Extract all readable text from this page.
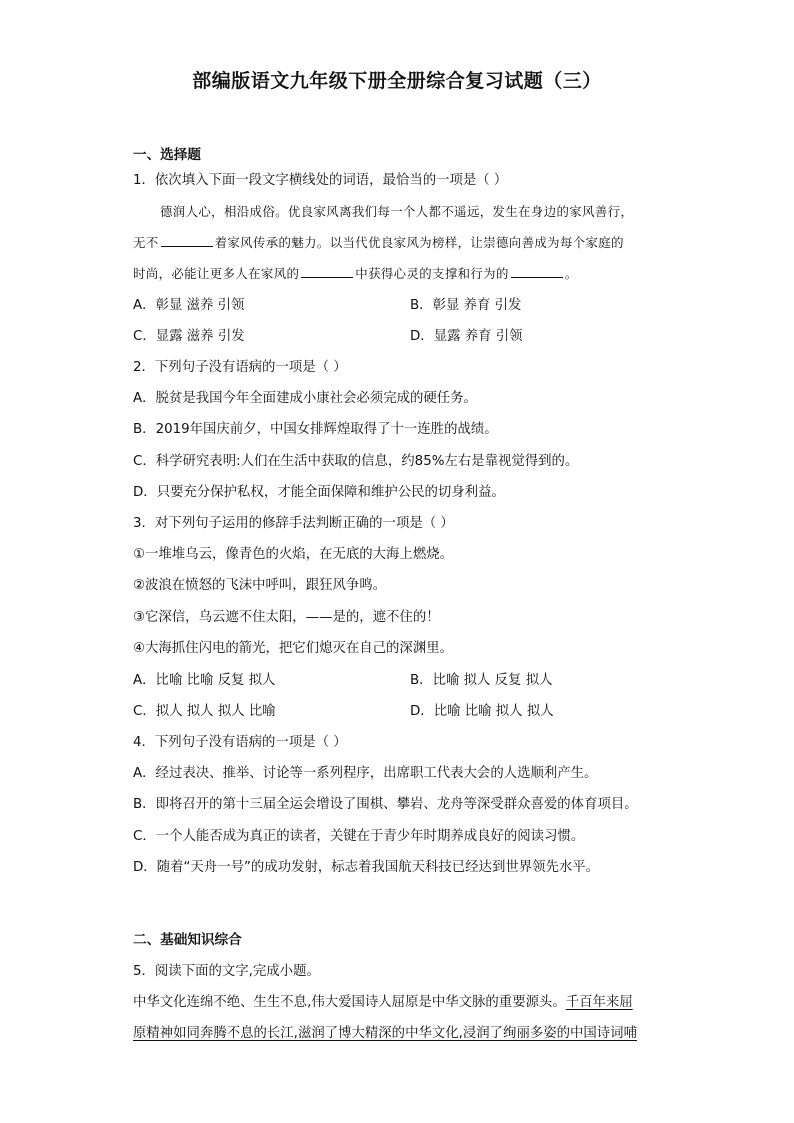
部编版语文九年级下册全册综合复习试题（三）
一、选择题
1．依次填入下面一段文字横线处的词语，最恰当的一项是（ ）
德润人心，相沿成俗。优良家风离我们每一个人都不遥远，发生在身边的家风善行，
无不	着家风传承的魅力。以当代优良家风为榜样，让崇德向善成为每个家庭的
时尚，必能让更多人在家风的	中获得心灵的支撑和行为的	。
A．彰显 滋养 引领	B．彰显 养育 引发
C．显露 滋养 引发	D．显露 养育 引领
2．下列句子没有语病的一项是（ ）
A．脱贫是我国今年全面建成小康社会必须完成的硬任务。
B．2019年国庆前夕，中国女排辉煌取得了十一连胜的战绩。
C．科学研究表明:人们在生活中获取的信息，约85%左右是靠视觉得到的。
D．只要充分保护私权，才能全面保障和维护公民的切身利益。
3．对下列句子运用的修辞手法判断正确的一项是（ ）
①一堆堆乌云，像青色的火焰，在无底的大海上燃烧。
②波浪在愤怒的飞沫中呼叫，跟狂风争鸣。
③它深信，乌云遮不住太阳，——是的，遮不住的！
④大海抓住闪电的箭光，把它们熄灭在自己的深渊里。
A．比喻 比喻 反复 拟人	B．比喻 拟人 反复 拟人
C．拟人 拟人 拟人 比喻	D．比喻 比喻 拟人 拟人
4．下列句子没有语病的一项是（ ）
A．经过表决、推举、讨论等一系列程序，出席职工代表大会的人选顺利产生。
B．即将召开的第十三届全运会增设了围棋、攀岩、龙舟等深受群众喜爱的体育项目。
C．一个人能否成为真正的读者，关键在于青少年时期养成良好的阅读习惯。
D．随着“天舟一号”的成功发射，标志着我国航天科技已经达到世界领先水平。
二、基础知识综合
5．阅读下面的文字,完成小题。
中华文化连绵不绝、生生不息,伟大爱国诗人屈原是中华文脉的重要源头。千百年来屈
原精神如同奔腾不息的长江,滋润了博大精深的中华文化,浸润了绚丽多姿的中国诗词哺
